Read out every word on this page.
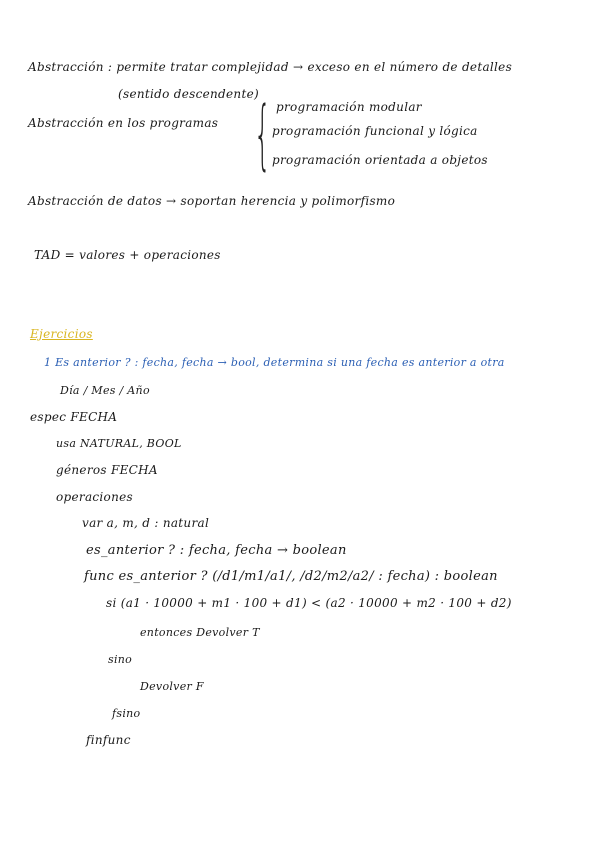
Abstracción : permite tratar complejidad → exceso en el número de detalles
(sentido descendente)
Abstracción en los programas { programación modular
programación funcional y lógica
programación orientada a objetos
Abstracción de datos → soportan herencia y polimorfismo
TAD = valores + operaciones
Ejercicios
1 Es anterior ? : fecha, fecha → bool, determina si una fecha es anterior a otra
Día / Mes / Año
espec FECHA
usa NATURAL, BOOL
géneros FECHA
operaciones
var a, m, d : natural
es_anterior ? : fecha, fecha → boolean
func es_anterior ? (/d1/m1/a1/, /d2/m2/a2/ : fecha) : boolean
si (a1 · 10000 + m1 · 100 + d1) < (a2 · 10000 + m2 · 100 + d2)
entonces Devolver T
sino
Devolver F
fsino
finfunc
